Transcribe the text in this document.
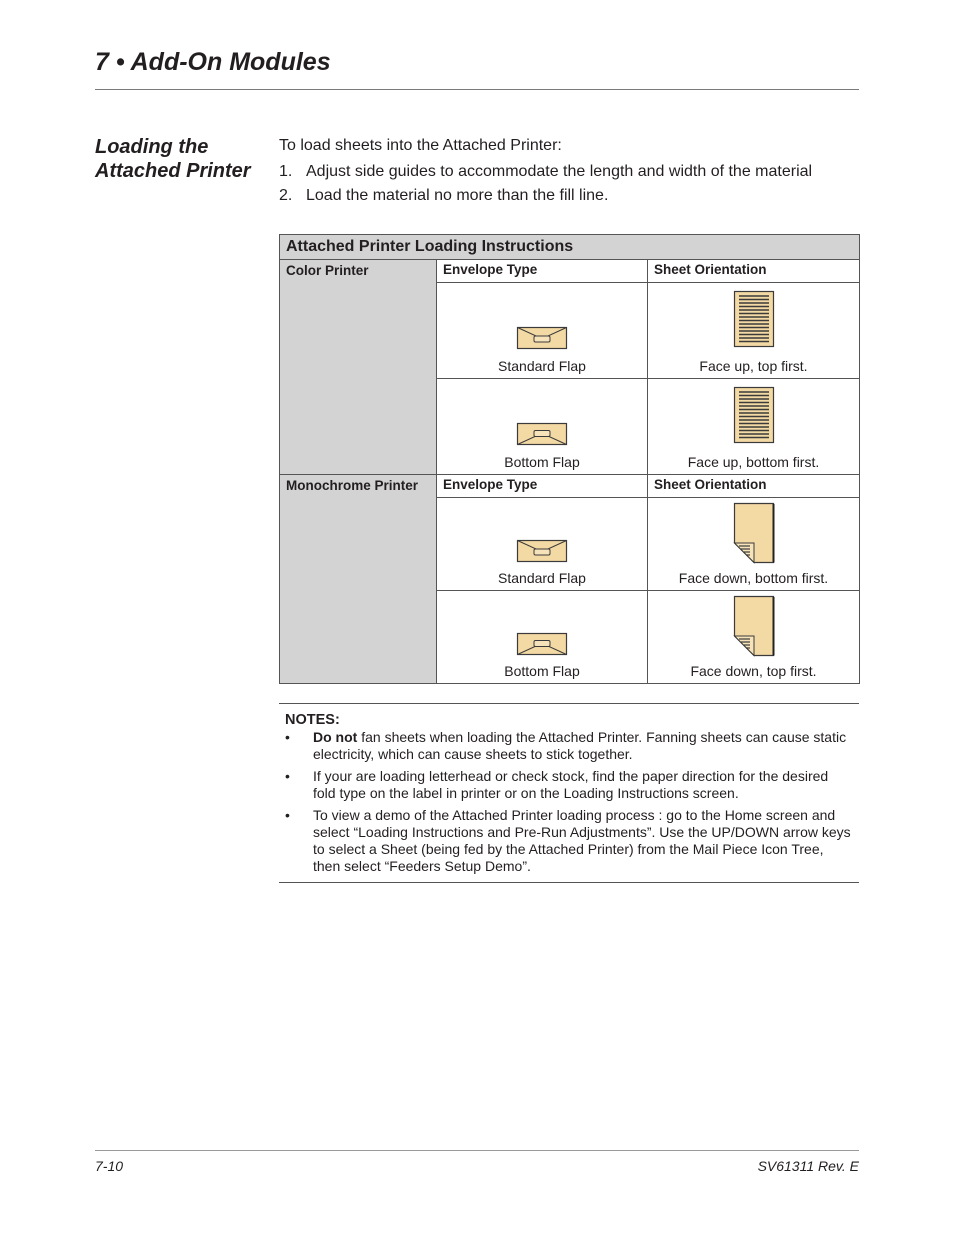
7 • Add-On Modules
Loading the
Attached Printer

To load sheets into the Attached Printer:

1. Adjust side guides to accommodate the length and width of the material
2. Load the material no more than the fill line.
Attached Printer Loading Instructions		
Color Printer	Envelope Type	Sheet Orientation

	Standard Flap	Face up, top first.

	Bottom Flap	Face up, bottom first.

Monochrome Printer	Envelope Type	Sheet Orientation

	Standard Flap	Face down, bottom first.

	Bottom Flap	Face down, top first.
NOTES:
• Do not fan sheets when loading the Attached Printer. Fanning sheets can cause static electricity, which can cause sheets to stick together.
• If your are loading letterhead or check stock, find the paper direction for the desired fold type on the label in printer or on the Loading Instructions screen.
• To view a demo of the Attached Printer loading process : go to the Home screen and select “Loading Instructions and Pre-Run Adjustments”. Use the UP/DOWN arrow keys to select a Sheet (being fed by the Attached Printer) from the Mail Piece Icon Tree, then select “Feeders Setup Demo”.
7-10	SV61311 Rev. E
